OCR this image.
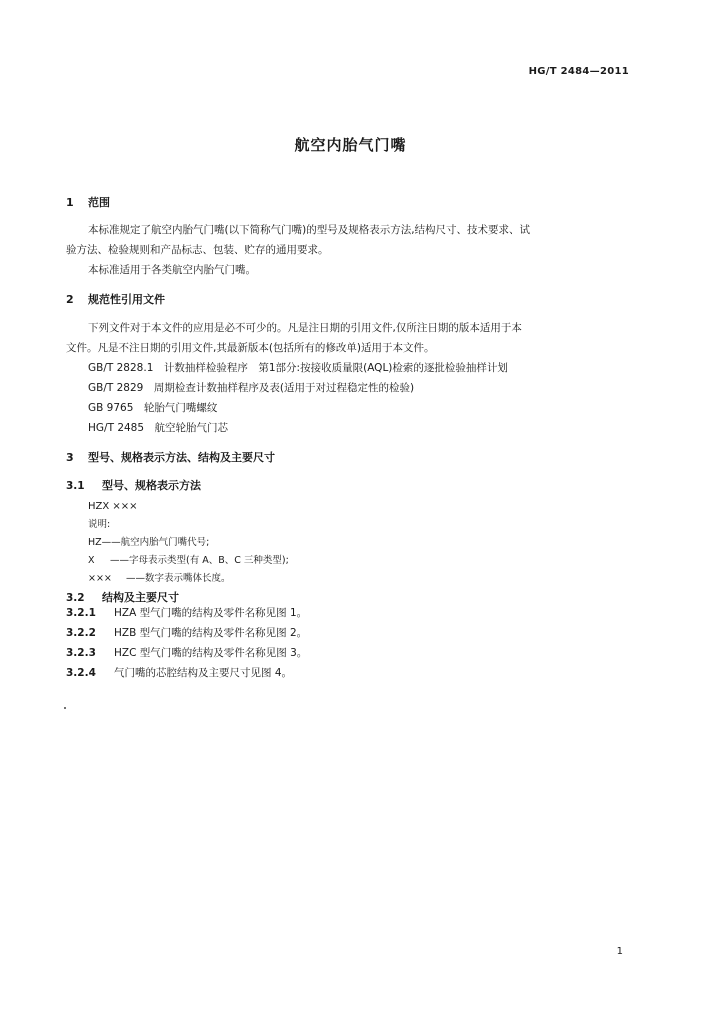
HG/T 2484—2011
航空内胎气门嘴
1 范围
本标准规定了航空内胎气门嘴(以下简称气门嘴)的型号及规格表示方法,结构尺寸、技术要求、试
验方法、检验规则和产品标志、包装、贮存的通用要求。
本标准适用于各类航空内胎气门嘴。
2 规范性引用文件
下列文件对于本文件的应用是必不可少的。凡是注日期的引用文件,仅所注日期的版本适用于本
文件。凡是不注日期的引用文件,其最新版本(包括所有的修改单)适用于本文件。
GB/T 2828.1　 计数抽样检验程序　第1部分:按接收质量限(AQL)检索的逐批检验抽样计划
GB/T 2829　 周期检查计数抽样程序及表(适用于对过程稳定性的检验)
GB 9765　 轮胎气门嘴螺纹
HG/T 2485　 航空轮胎气门芯
3 型号、规格表示方法、结构及主要尺寸
3.1 型号、规格表示方法
HZX ×××
说明:
HZ——航空内胎气门嘴代号;
X ——字母表示类型(有 A、B、C 三种类型);
××× ——数字表示嘴体长度。
3.2 结构及主要尺寸
3.2.1 HZA 型气门嘴的结构及零件名称见图 1。
3.2.2 HZB 型气门嘴的结构及零件名称见图 2。
3.2.3 HZC 型气门嘴的结构及零件名称见图 3。
3.2.4 气门嘴的芯腔结构及主要尺寸见图 4。
1
